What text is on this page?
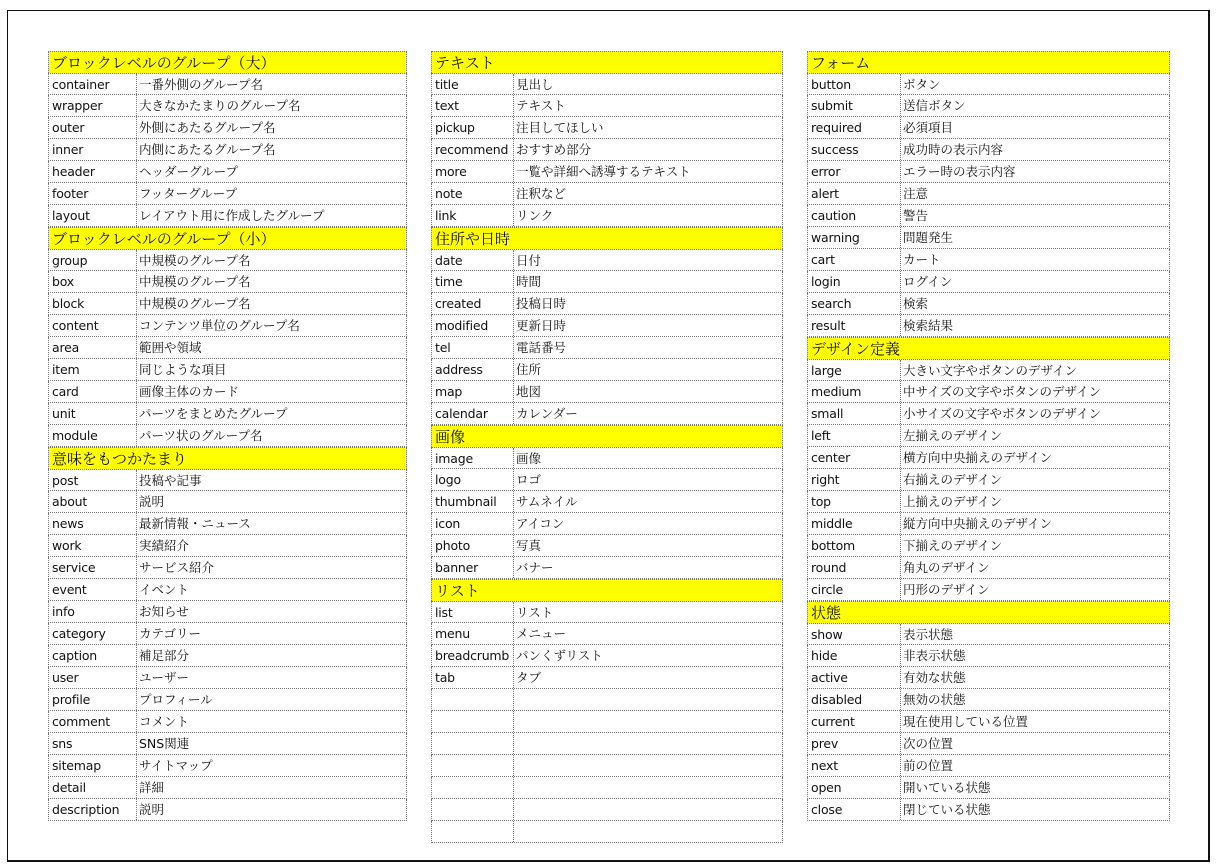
ブロックレベルのグループ（大）
container	一番外側のグループ名
wrapper	大きなかたまりのグループ名
outer	外側にあたるグループ名
inner	内側にあたるグループ名
header	ヘッダーグループ
footer	フッターグループ
layout	レイアウト用に作成したグループ
ブロックレベルのグループ（小）
group	中規模のグループ名
box	中規模のグループ名
block	中規模のグループ名
content	コンテンツ単位のグループ名
area	範囲や領域
item	同じような項目
card	画像主体のカード
unit	パーツをまとめたグループ
module	パーツ状のグループ名
意味をもつかたまり
post	投稿や記事
about	説明
news	最新情報・ニュース
work	実績紹介
service	サービス紹介
event	イベント
info	お知らせ
category	カテゴリー
caption	補足部分
user	ユーザー
profile	プロフィール
comment	コメント
sns	SNS関連
sitemap	サイトマップ
detail	詳細
description	説明
テキスト
title	見出し
text	テキスト
pickup	注目してほしい
recommend おすすめ部分
more	一覧や詳細へ誘導するテキスト
note	注釈など
link	リンク
住所や日時
date	日付
time	時間
created	投稿日時
modified	更新日時
tel	電話番号
address	住所
map	地図
calendar	カレンダー
画像
image	画像
logo	ロゴ
thumbnail	サムネイル
icon	アイコン
photo	写真
banner	バナー
リスト
list	リスト
menu	メニュー
breadcrumb パンくずリスト
tab	タブ
フォーム
button	ボタン
submit	送信ボタン
required	必須項目
success	成功時の表示内容
error	エラー時の表示内容
alert	注意
caution	警告
warning	問題発生
cart	カート
login	ログイン
search	検索
result	検索結果
デザイン定義
large	大きい文字やボタンのデザイン
medium	中サイズの文字やボタンのデザイン
small	小サイズの文字やボタンのデザイン
left	左揃えのデザイン
center	横方向中央揃えのデザイン
right	右揃えのデザイン
top	上揃えのデザイン
middle	縦方向中央揃えのデザイン
bottom	下揃えのデザイン
round	角丸のデザイン
circle	円形のデザイン
状態
show	表示状態
hide	非表示状態
active	有効な状態
disabled	無効の状態
current	現在使用している位置
prev	次の位置
next	前の位置
open	開いている状態
close	閉じている状態
